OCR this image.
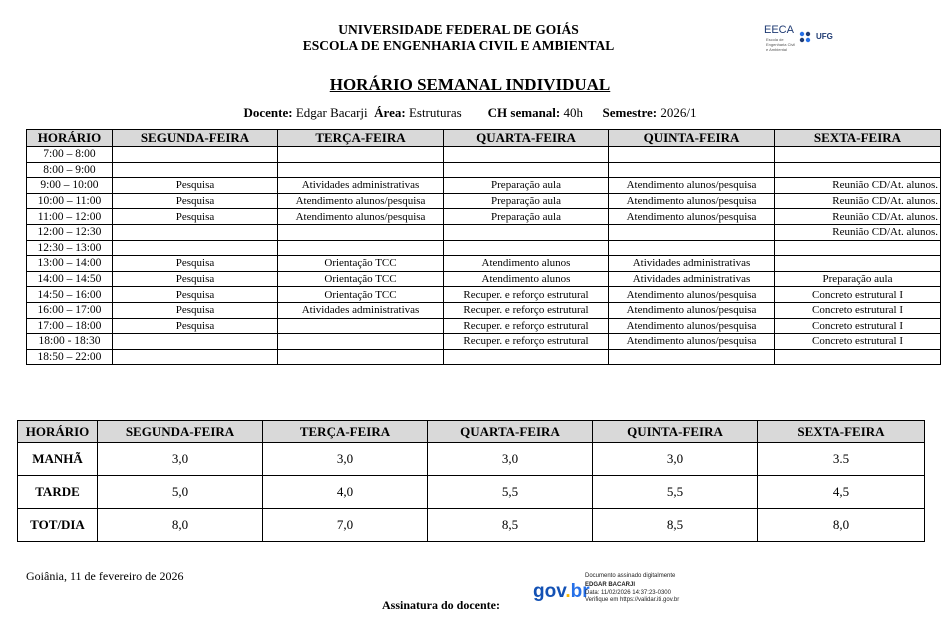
UNIVERSIDADE FEDERAL DE GOIÁS
ESCOLA DE ENGENHARIA CIVIL E AMBIENTAL
EECA
Escola de Engenharia Civil e Ambiental
UFG
HORÁRIO SEMANAL INDIVIDUAL
Docente: Edgar Bacarji Área: Estruturas CH semanal: 40h Semestre: 2026/1
HORÁRIO	SEGUNDA-FEIRA	TERÇA-FEIRA	QUARTA-FEIRA	QUINTA-FEIRA	SEXTA-FEIRA
7:00 – 8:00					
8:00 – 9:00					
9:00 – 10:00	Pesquisa	Atividades administrativas	Preparação aula	Atendimento alunos/pesquisa	Reunião CD/At. alunos.
10:00 – 11:00	Pesquisa	Atendimento alunos/pesquisa	Preparação aula	Atendimento alunos/pesquisa	Reunião CD/At. alunos.
11:00 – 12:00	Pesquisa	Atendimento alunos/pesquisa	Preparação aula	Atendimento alunos/pesquisa	Reunião CD/At. alunos.
12:00 – 12:30					Reunião CD/At. alunos.
12:30 – 13:00					
13:00 – 14:00	Pesquisa	Orientação TCC	Atendimento alunos	Atividades administrativas	
14:00 – 14:50	Pesquisa	Orientação TCC	Atendimento alunos	Atividades administrativas	Preparação aula
14:50 – 16:00	Pesquisa	Orientação TCC	Recuper. e reforço estrutural	Atendimento alunos/pesquisa	Concreto estrutural I
16:00 – 17:00	Pesquisa	Atividades administrativas	Recuper. e reforço estrutural	Atendimento alunos/pesquisa	Concreto estrutural I
17:00 – 18:00	Pesquisa		Recuper. e reforço estrutural	Atendimento alunos/pesquisa	Concreto estrutural I
18:00 - 18:30			Recuper. e reforço estrutural	Atendimento alunos/pesquisa	Concreto estrutural I
18:50 – 22:00					
HORÁRIO	SEGUNDA-FEIRA	TERÇA-FEIRA	QUARTA-FEIRA	QUINTA-FEIRA	SEXTA-FEIRA
MANHÃ	3,0	3,0	3,0	3,0	3.5
TARDE	5,0	4,0	5,5	5,5	4,5
TOT/DIA	8,0	7,0	8,5	8,5	8,0
Goiânia, 11 de fevereiro de 2026
Assinatura do docente:
gov.br
Documento assinado digitalmente
EDGAR BACARJI
Data: 11/02/2026 14:37:23-0300
Verifique em https://validar.iti.gov.br
